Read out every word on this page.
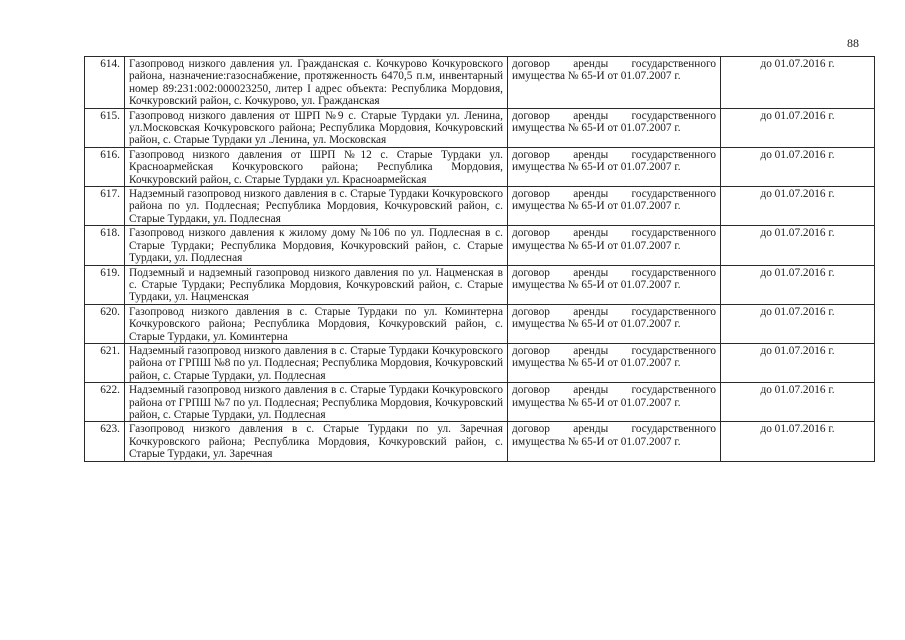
88
614.	Газопровод низкого давления ул. Гражданская с. Кочкурово Кочкуровского района, назначение:газоснабжение, протяженность 6470,5 п.м, инвентарный номер 89:231:002:000023250, литер I адрес объекта: Республика Мордовия, Кочкуровский район, с. Кочкурово, ул. Гражданская	договор аренды государственного имущества № 65-И от 01.07.2007 г.	до 01.07.2016 г.
615.	Газопровод низкого давления от ШРП №9 с. Старые Турдаки ул. Ленина, ул.Московская Кочкуровского района; Республика Мордовия, Кочкуровский район, с. Старые Турдаки ул .Ленина, ул. Московская	договор аренды государственного имущества № 65-И от 01.07.2007 г.	до 01.07.2016 г.
616.	Газопровод низкого давления от ШРП №12 с. Старые Турдаки ул. Красноармейская Кочкуровского района; Республика Мордовия, Кочкуровский район, с. Старые Турдаки ул. Красноармейская	договор аренды государственного имущества № 65-И от 01.07.2007 г.	до 01.07.2016 г.
617.	Надземный газопровод низкого давления в с. Старые Турдаки Кочкуровского района по ул. Подлесная; Республика Мордовия, Кочкуровский район, с. Старые Турдаки, ул. Подлесная	договор аренды государственного имущества № 65-И от 01.07.2007 г.	до 01.07.2016 г.
618.	Газопровод низкого давления к жилому дому №106 по ул. Подлесная в с. Старые Турдаки; Республика Мордовия, Кочкуровский район, с. Старые Турдаки, ул. Подлесная	договор аренды государственного имущества № 65-И от 01.07.2007 г.	до 01.07.2016 г.
619.	Подземный и надземный газопровод низкого давления по ул. Нацменская в с. Старые Турдаки; Республика Мордовия, Кочкуровский район, с. Старые Турдаки, ул. Нацменская	договор аренды государственного имущества № 65-И от 01.07.2007 г.	до 01.07.2016 г.
620.	Газопровод низкого давления в с. Старые Турдаки по ул. Коминтерна Кочкуровского района; Республика Мордовия, Кочкуровский район, с. Старые Турдаки, ул. Коминтерна	договор аренды государственного имущества № 65-И от 01.07.2007 г.	до 01.07.2016 г.
621.	Надземный газопровод низкого давления в с. Старые Турдаки Кочкуровского района от ГРПШ №8 по ул. Подлесная; Республика Мордовия, Кочкуровский район, с. Старые Турдаки, ул. Подлесная	договор аренды государственного имущества № 65-И от 01.07.2007 г.	до 01.07.2016 г.
622.	Надземный газопровод низкого давления в с. Старые Турдаки Кочкуровского района от ГРПШ №7 по ул. Подлесная; Республика Мордовия, Кочкуровский район, с. Старые Турдаки, ул. Подлесная	договор аренды государственного имущества № 65-И от 01.07.2007 г.	до 01.07.2016 г.
623.	Газопровод низкого давления в с. Старые Турдаки по ул. Заречная Кочкуровского района; Республика Мордовия, Кочкуровский район, с. Старые Турдаки, ул. Заречная	договор аренды государственного имущества № 65-И от 01.07.2007 г.	до 01.07.2016 г.
